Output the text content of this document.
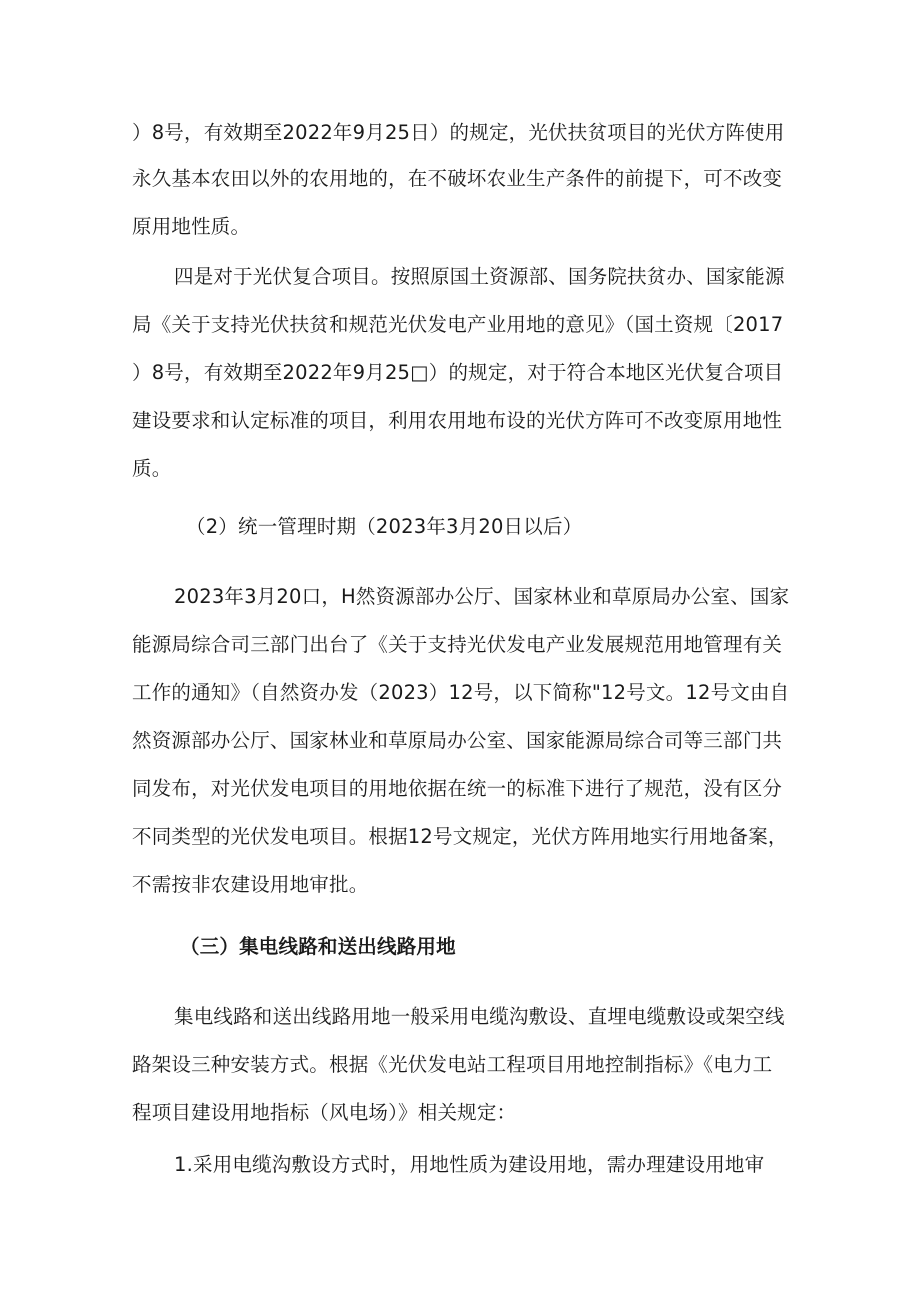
）8号，有效期至2022年9月25日）的规定，光伏扶贫项目的光伏方阵使用
永久基本农田以外的农用地的，在不破坏农业生产条件的前提下，可不改变
原用地性质。
四是对于光伏复合项目。按照原国土资源部、国务院扶贫办、国家能源
局《关于支持光伏扶贫和规范光伏发电产业用地的意见》（国土资规〔2017
）8号，有效期至2022年9月25□）的规定，对于符合本地区光伏复合项目
建设要求和认定标准的项目，利用农用地布设的光伏方阵可不改变原用地性
质。
（2）统一管理时期（2023年3月20日以后）
2023年3月20口，H然资源部办公厅、国家林业和草原局办公室、国家
能源局综合司三部门出台了《关于支持光伏发电产业发展规范用地管理有关
工作的通知》（自然资办发（2023）12号，以下简称"12号文。12号文由自
然资源部办公厅、国家林业和草原局办公室、国家能源局综合司等三部门共
同发布，对光伏发电项目的用地依据在统一的标准下进行了规范，没有区分
不同类型的光伏发电项目。根据12号文规定，光伏方阵用地实行用地备案，
不需按非农建设用地审批。
（三）集电线路和送出线路用地
集电线路和送出线路用地一般采用电缆沟敷设、直埋电缆敷设或架空线
路架设三种安装方式。根据《光伏发电站工程项目用地控制指标》《电力工
程项目建设用地指标（风电场）》相关规定：
1.采用电缆沟敷设方式时，用地性质为建设用地，需办理建设用地审
